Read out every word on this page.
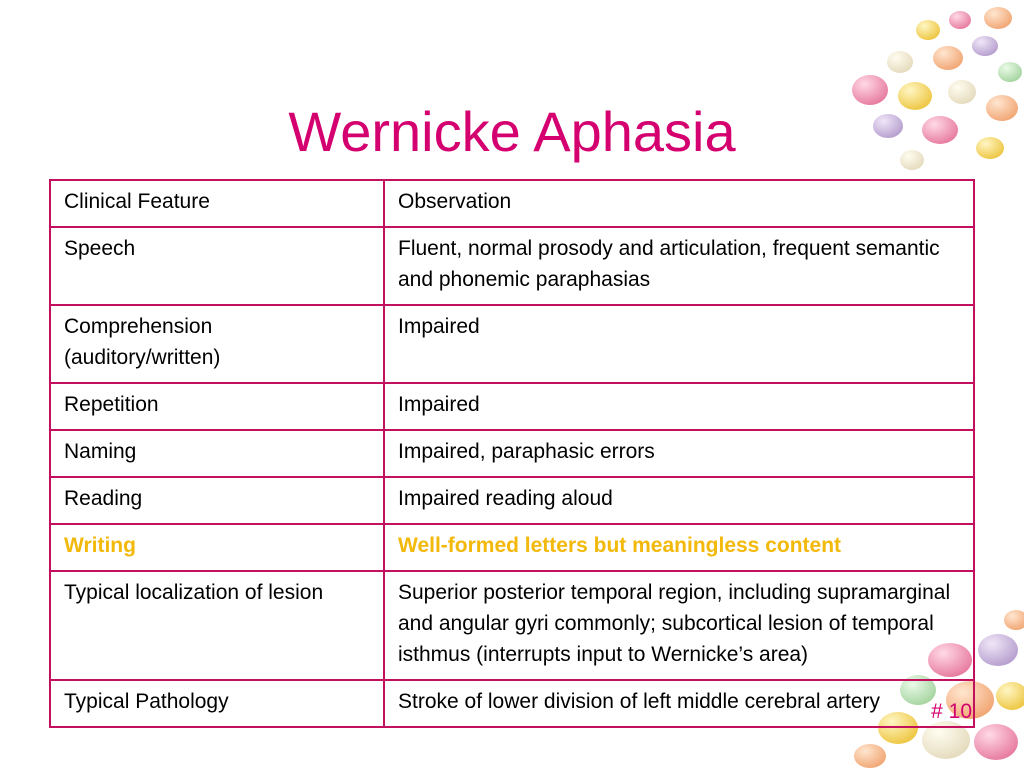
Wernicke Aphasia
Clinical Feature	Observation
Speech	Fluent, normal prosody and articulation, frequent semantic and phonemic paraphasias
Comprehension (auditory/written)	Impaired
Repetition	Impaired
Naming	Impaired, paraphasic errors
Reading	Impaired reading aloud
Writing	Well-formed letters but meaningless content
Typical localization of lesion	Superior posterior temporal region, including supramarginal and angular gyri commonly; subcortical lesion of temporal isthmus (interrupts input to Wernicke’s area)
Typical Pathology	Stroke of lower division of left middle cerebral artery # 10
